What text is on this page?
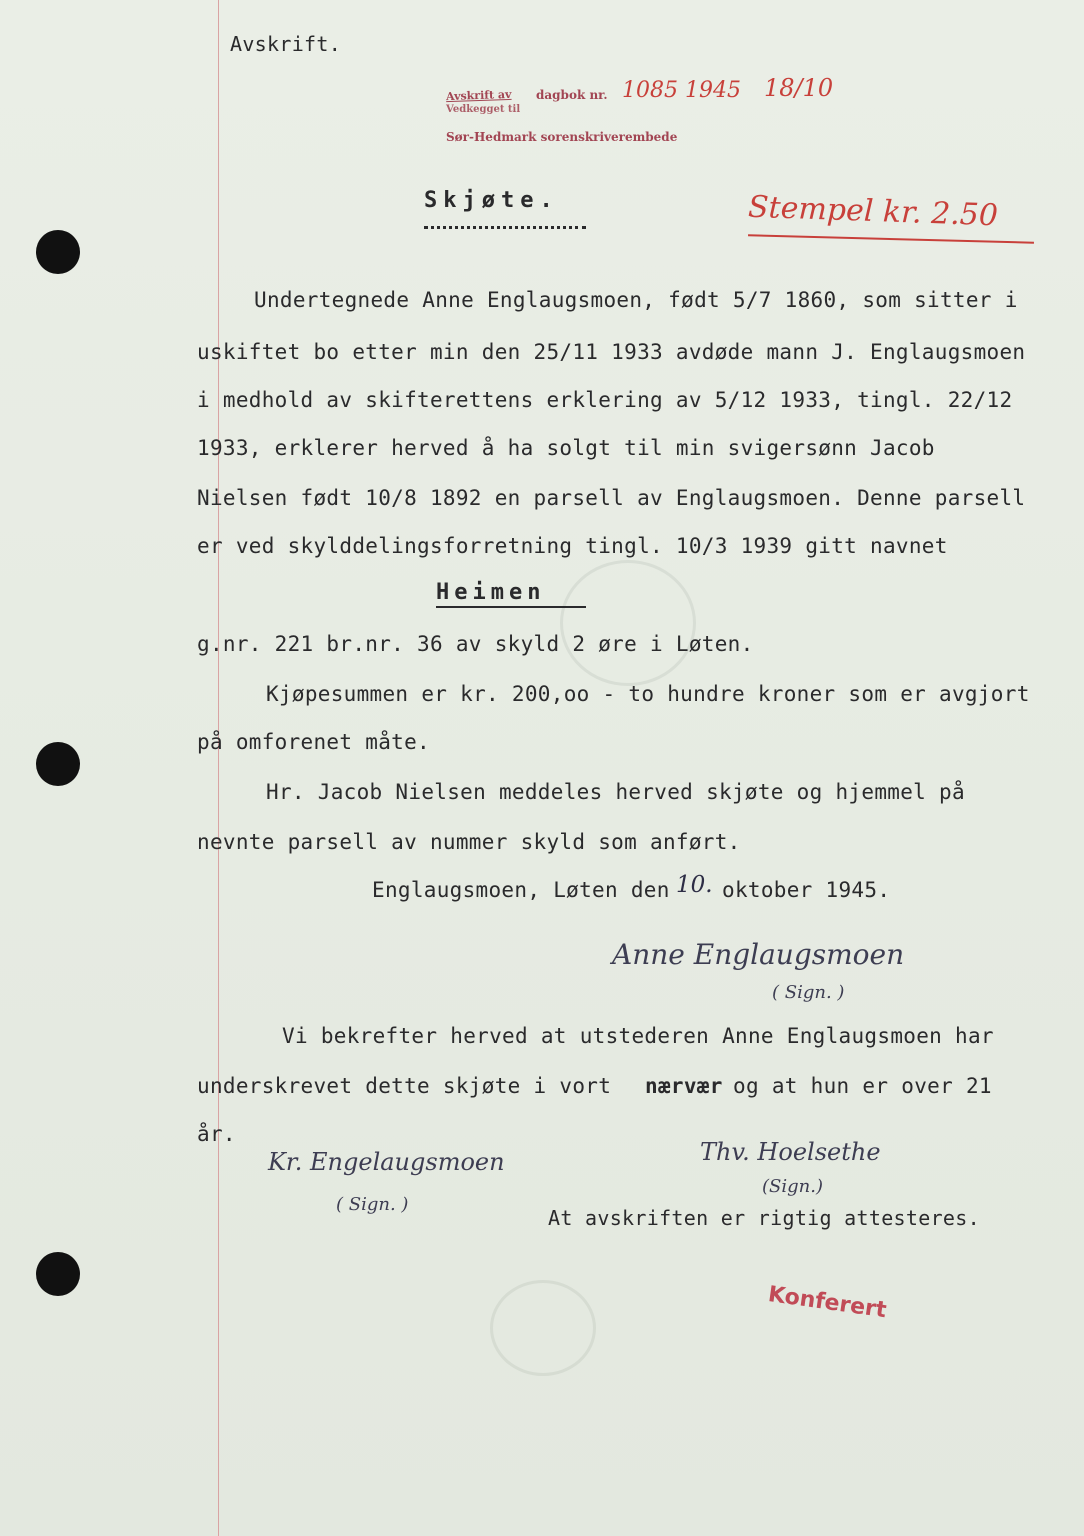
Avskrift.
Avskrift av dagbok nr.
Vedkegget til
Sør-Hedmark sorenskriverembede
1085 1945 18/10
Stempel kr. 2.50
Skjøte.
Undertegnede Anne Englaugsmoen, født 5/7 1860, som sitter i
uskiftet bo etter min den 25/11 1933 avdøde mann J. Englaugsmoen
i medhold av skifterettens erklering av 5/12 1933, tingl. 22/12
1933, erklerer herved å ha solgt til min svigersønn Jacob
Nielsen født 10/8 1892 en parsell av Englaugsmoen. Denne parsell
er ved skylddelingsforretning tingl. 10/3 1939 gitt navnet
Heimen
g.nr. 221 br.nr. 36 av skyld 2 øre i Løten.
Kjøpesummen er kr. 200,oo - to hundre kroner som er avgjort
på omforenet måte.
Hr. Jacob Nielsen meddeles herved skjøte og hjemmel på
nevnte parsell av nummer skyld som anført.
Englaugsmoen, Løten den 10. oktober 1945.
Anne Englaugsmoen
( Sign. )
Vi bekrefter herved at utstederen Anne Englaugsmoen har
underskrevet dette skjøte i vort nærvær og at hun er over 21
år.
Kr. Engelaugsmoen
( Sign. )
Thv. Hoelsethe
(Sign.)
At avskriften er rigtig attesteres.
Konferert
